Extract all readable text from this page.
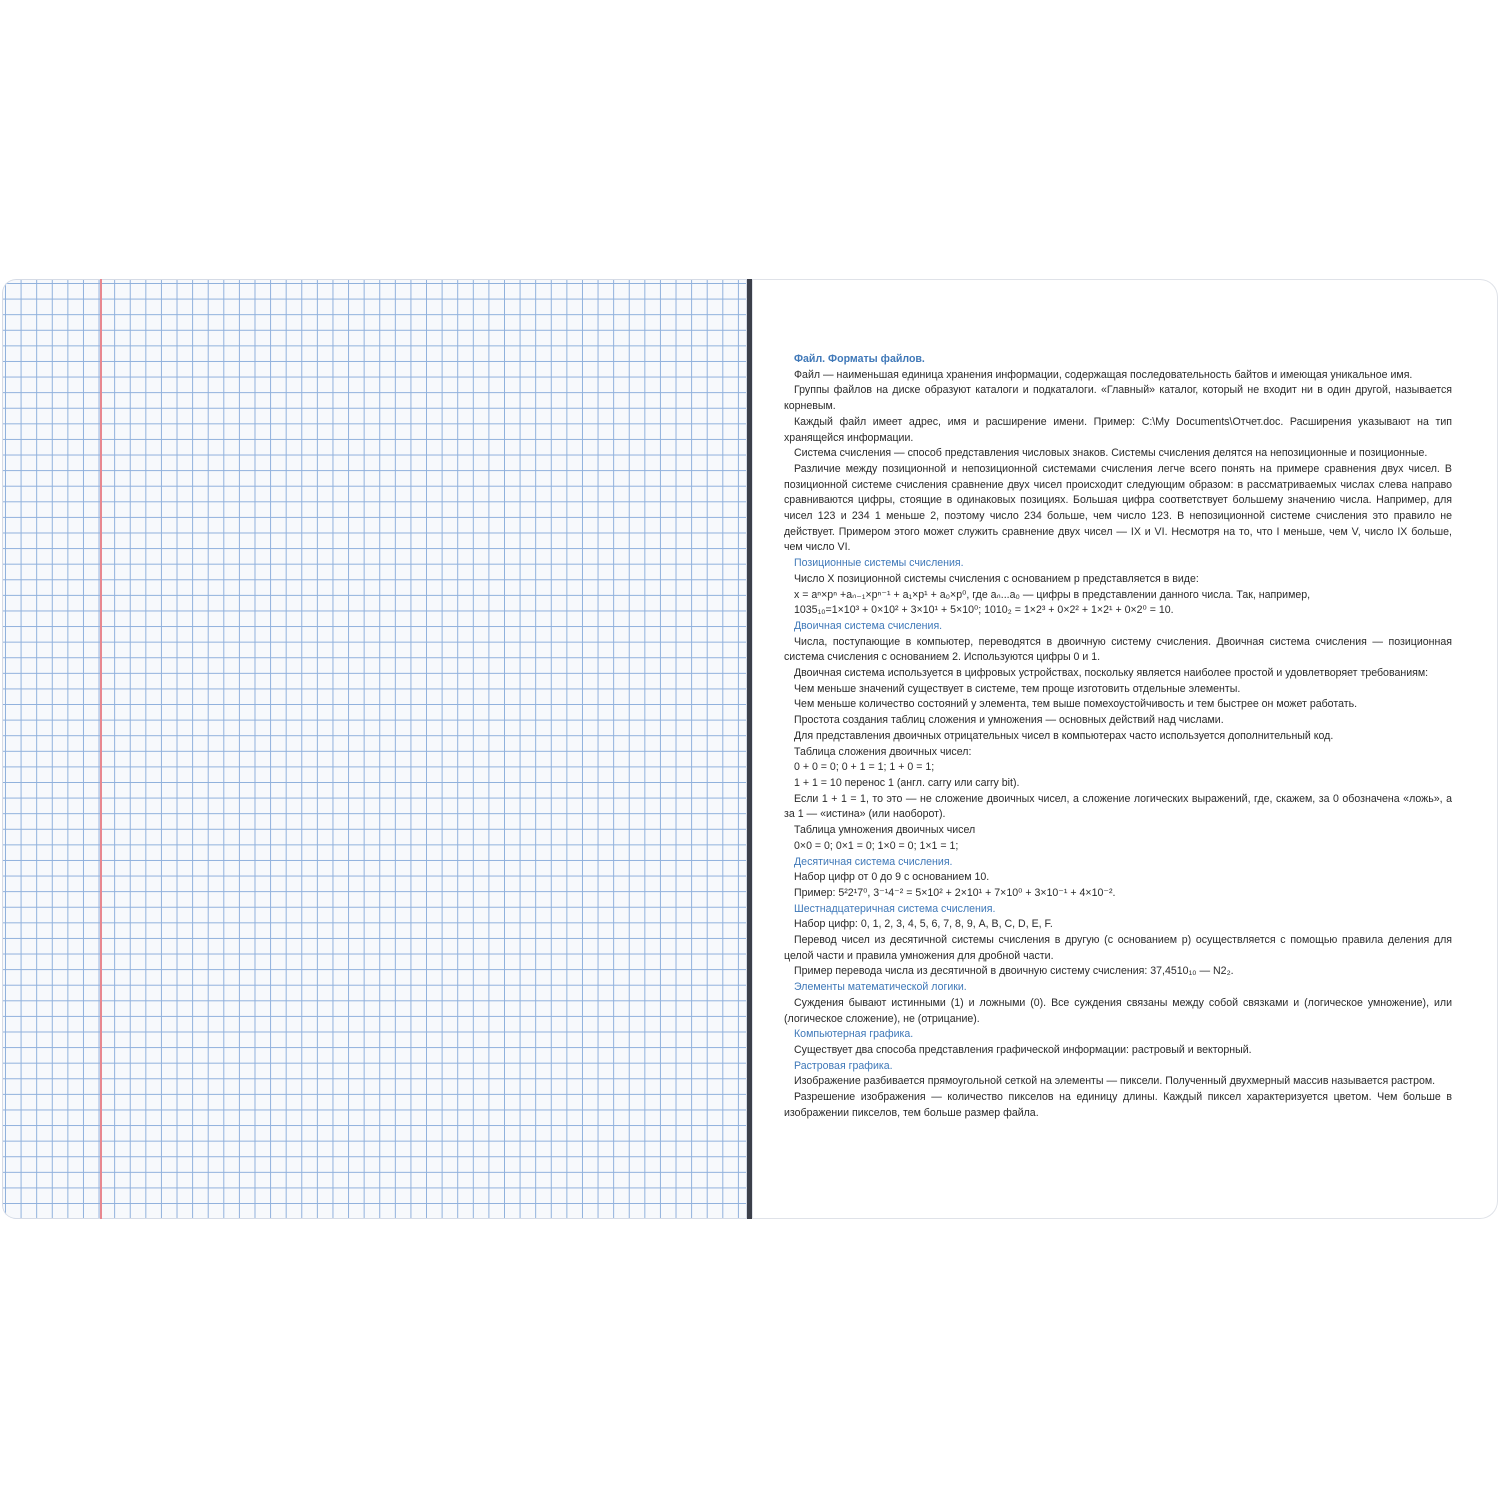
Файл. Форматы файлов.
Файл — наименьшая единица хранения информации, содержащая последовательность байтов и имеющая уникальное имя.
Группы файлов на диске образуют каталоги и подкаталоги. «Главный» каталог, который не входит ни в один другой, называется корневым.
Каждый файл имеет адрес, имя и расширение имени. Пример: C:\My Documents\Отчет.doc. Расширения указывают на тип хранящейся информации.
Система счисления — способ представления числовых знаков. Системы счисления делятся на непозиционные и позиционные.
Различие между позиционной и непозиционной системами счисления легче всего понять на примере сравнения двух чисел. В позиционной системе счисления сравнение двух чисел происходит следующим образом: в рассматриваемых числах слева направо сравниваются цифры, стоящие в одинаковых позициях. Большая цифра соответствует большему значению числа. Например, для чисел 123 и 234 1 меньше 2, поэтому число 234 больше, чем число 123. В непозиционной системе счисления это правило не действует. Примером этого может служить сравнение двух чисел — IX и VI. Несмотря на то, что I меньше, чем V, число IX больше, чем число VI.
Позиционные системы счисления.
Число X позиционной системы счисления с основанием p представляется в виде:
x = aⁿ×pⁿ +aₙ₋₁×pⁿ⁻¹ + a₁×p¹ + a₀×p⁰, где aₙ...a₀ — цифры в представлении данного числа. Так, например,
1035₁₀=1×10³ + 0×10² + 3×10¹ + 5×10⁰; 1010₂ = 1×2³ + 0×2² + 1×2¹ + 0×2⁰ = 10.
Двоичная система счисления.
Числа, поступающие в компьютер, переводятся в двоичную систему счисления. Двоичная система счисления — позиционная система счисления с основанием 2. Используются цифры 0 и 1.
Двоичная система используется в цифровых устройствах, поскольку является наиболее простой и удовлетворяет требованиям:
Чем меньше значений существует в системе, тем проще изготовить отдельные элементы.
Чем меньше количество состояний у элемента, тем выше помехоустойчивость и тем быстрее он может работать.
Простота создания таблиц сложения и умножения — основных действий над числами.
Для представления двоичных отрицательных чисел в компьютерах часто используется дополнительный код.
Таблица сложения двоичных чисел:
0 + 0 = 0; 0 + 1 = 1; 1 + 0 = 1;
1 + 1 = 10 перенос 1 (англ. carry или carry bit).
Если 1 + 1 = 1, то это — не сложение двоичных чисел, а сложение логических выражений, где, скажем, за 0 обозначена «ложь», а за 1 — «истина» (или наоборот).
Таблица умножения двоичных чисел
0×0 = 0; 0×1 = 0; 1×0 = 0; 1×1 = 1;
Десятичная система счисления.
Набор цифр от 0 до 9 с основанием 10.
Пример: 5²2¹7⁰, 3⁻¹4⁻² = 5×10² + 2×10¹ + 7×10⁰ + 3×10⁻¹ + 4×10⁻².
Шестнадцатеричная система счисления.
Набор цифр: 0, 1, 2, 3, 4, 5, 6, 7, 8, 9, A, B, C, D, E, F.
Перевод чисел из десятичной системы счисления в другую (с основанием p) осуществляется с помощью правила деления для целой части и правила умножения для дробной части.
Пример перевода числа из десятичной в двоичную систему счисления: 37,4510₁₀ — N2₂.
Элементы математической логики.
Суждения бывают истинными (1) и ложными (0). Все суждения связаны между собой связками и (логическое умножение), или (логическое сложение), не (отрицание).
Компьютерная графика.
Существует два способа представления графической информации: растровый и векторный.
Растровая графика.
Изображение разбивается прямоугольной сеткой на элементы — пиксели. Полученный двухмерный массив называется растром.
Разрешение изображения — количество пикселов на единицу длины. Каждый пиксел характеризуется цветом. Чем больше в изображении пикселов, тем больше размер файла.
